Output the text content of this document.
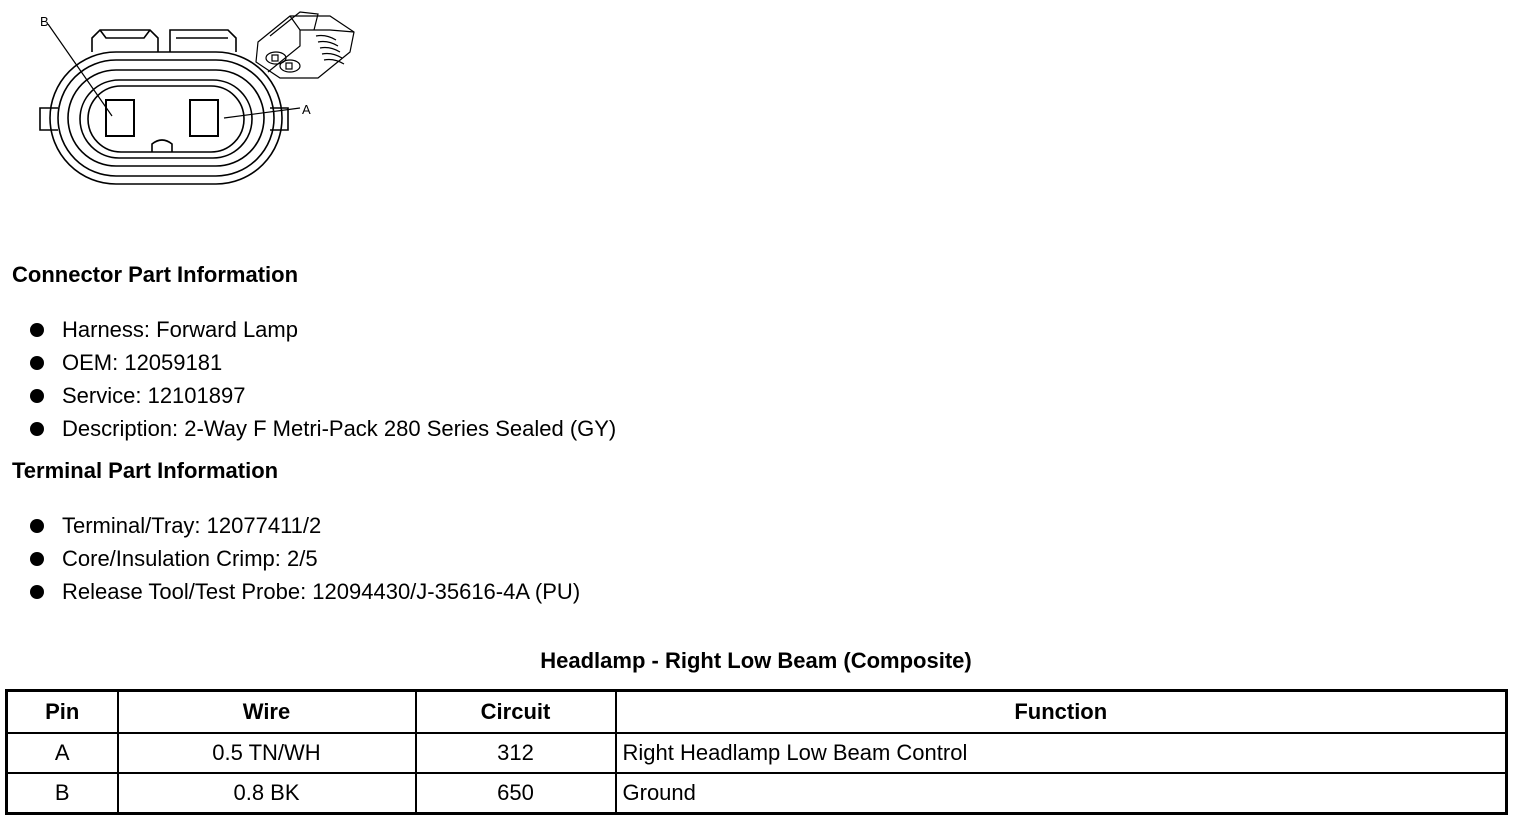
B
A
Connector Part Information
Harness: Forward Lamp
OEM: 12059181
Service: 12101897
Description: 2-Way F Metri-Pack 280 Series Sealed (GY)
Terminal Part Information
Terminal/Tray: 12077411/2
Core/Insulation Crimp: 2/5
Release Tool/Test Probe: 12094430/J-35616-4A (PU)
Headlamp - Right Low Beam (Composite)
Pin	Wire	Circuit	Function
A	0.5 TN/WH	312	Right Headlamp Low Beam Control
B	0.8 BK	650	Ground
